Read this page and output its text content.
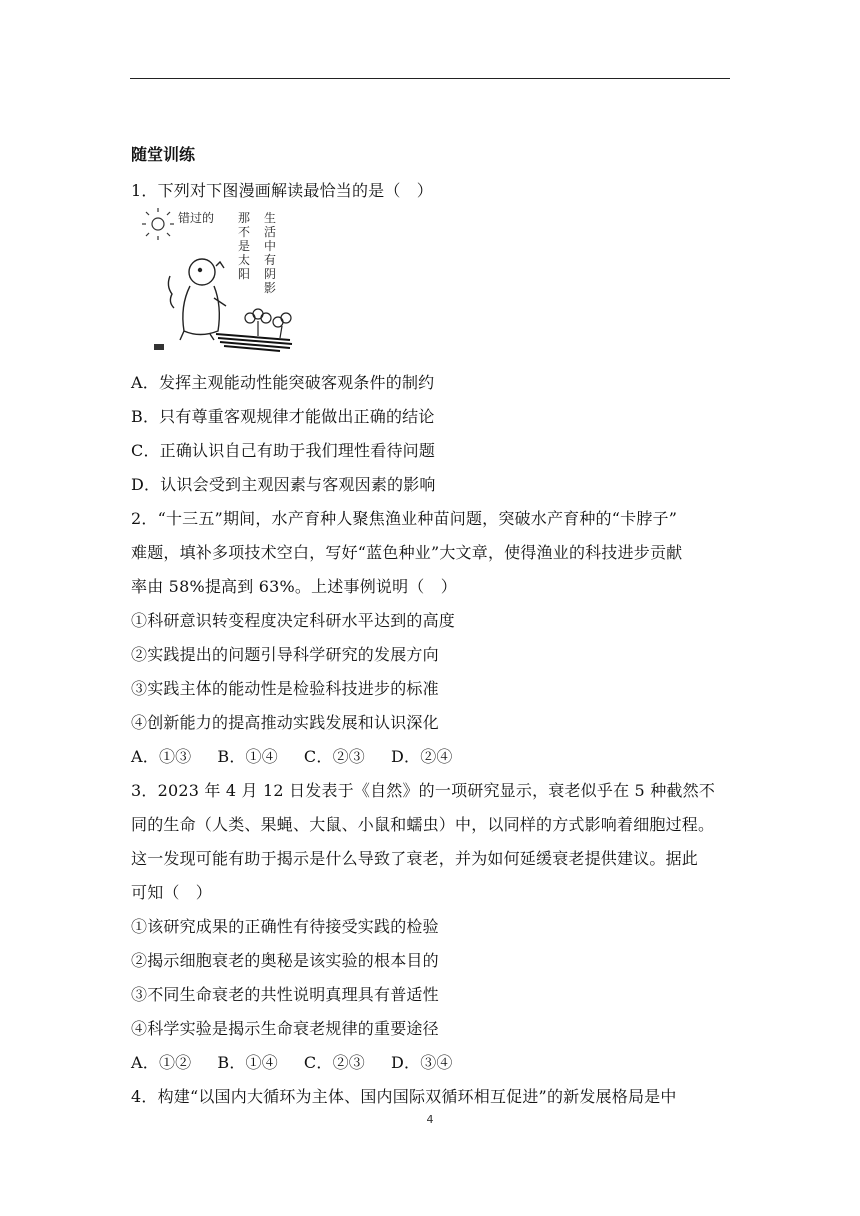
随堂训练
1．下列对下图漫画解读最恰当的是（　）
错过的 那
不
是
太
阳
生
活
中
有
阴
影
A．发挥主观能动性能突破客观条件的制约
B．只有尊重客观规律才能做出正确的结论
C．正确认识自己有助于我们理性看待问题
D．认识会受到主观因素与客观因素的影响
2．“十三五”期间，水产育种人聚焦渔业种苗问题，突破水产育种的“卡脖子”
难题，填补多项技术空白，写好“蓝色种业”大文章，使得渔业的科技进步贡献
率由 58%提高到 63%。上述事例说明（　）
①科研意识转变程度决定科研水平达到的高度
②实践提出的问题引导科学研究的发展方向
③实践主体的能动性是检验科技进步的标准
④创新能力的提高推动实践发展和认识深化
A．①③ B．①④ C．②③ D．②④
3．2023 年 4 月 12 日发表于《自然》的一项研究显示，衰老似乎在 5 种截然不
同的生命（人类、果蝇、大鼠、小鼠和蠕虫）中，以同样的方式影响着细胞过程。
这一发现可能有助于揭示是什么导致了衰老，并为如何延缓衰老提供建议。据此
可知（　）
①该研究成果的正确性有待接受实践的检验
②揭示细胞衰老的奥秘是该实验的根本目的
③不同生命衰老的共性说明真理具有普适性
④科学实验是揭示生命衰老规律的重要途径
A．①② B．①④ C．②③ D．③④
4．构建“以国内大循环为主体、国内国际双循环相互促进”的新发展格局是中
4
